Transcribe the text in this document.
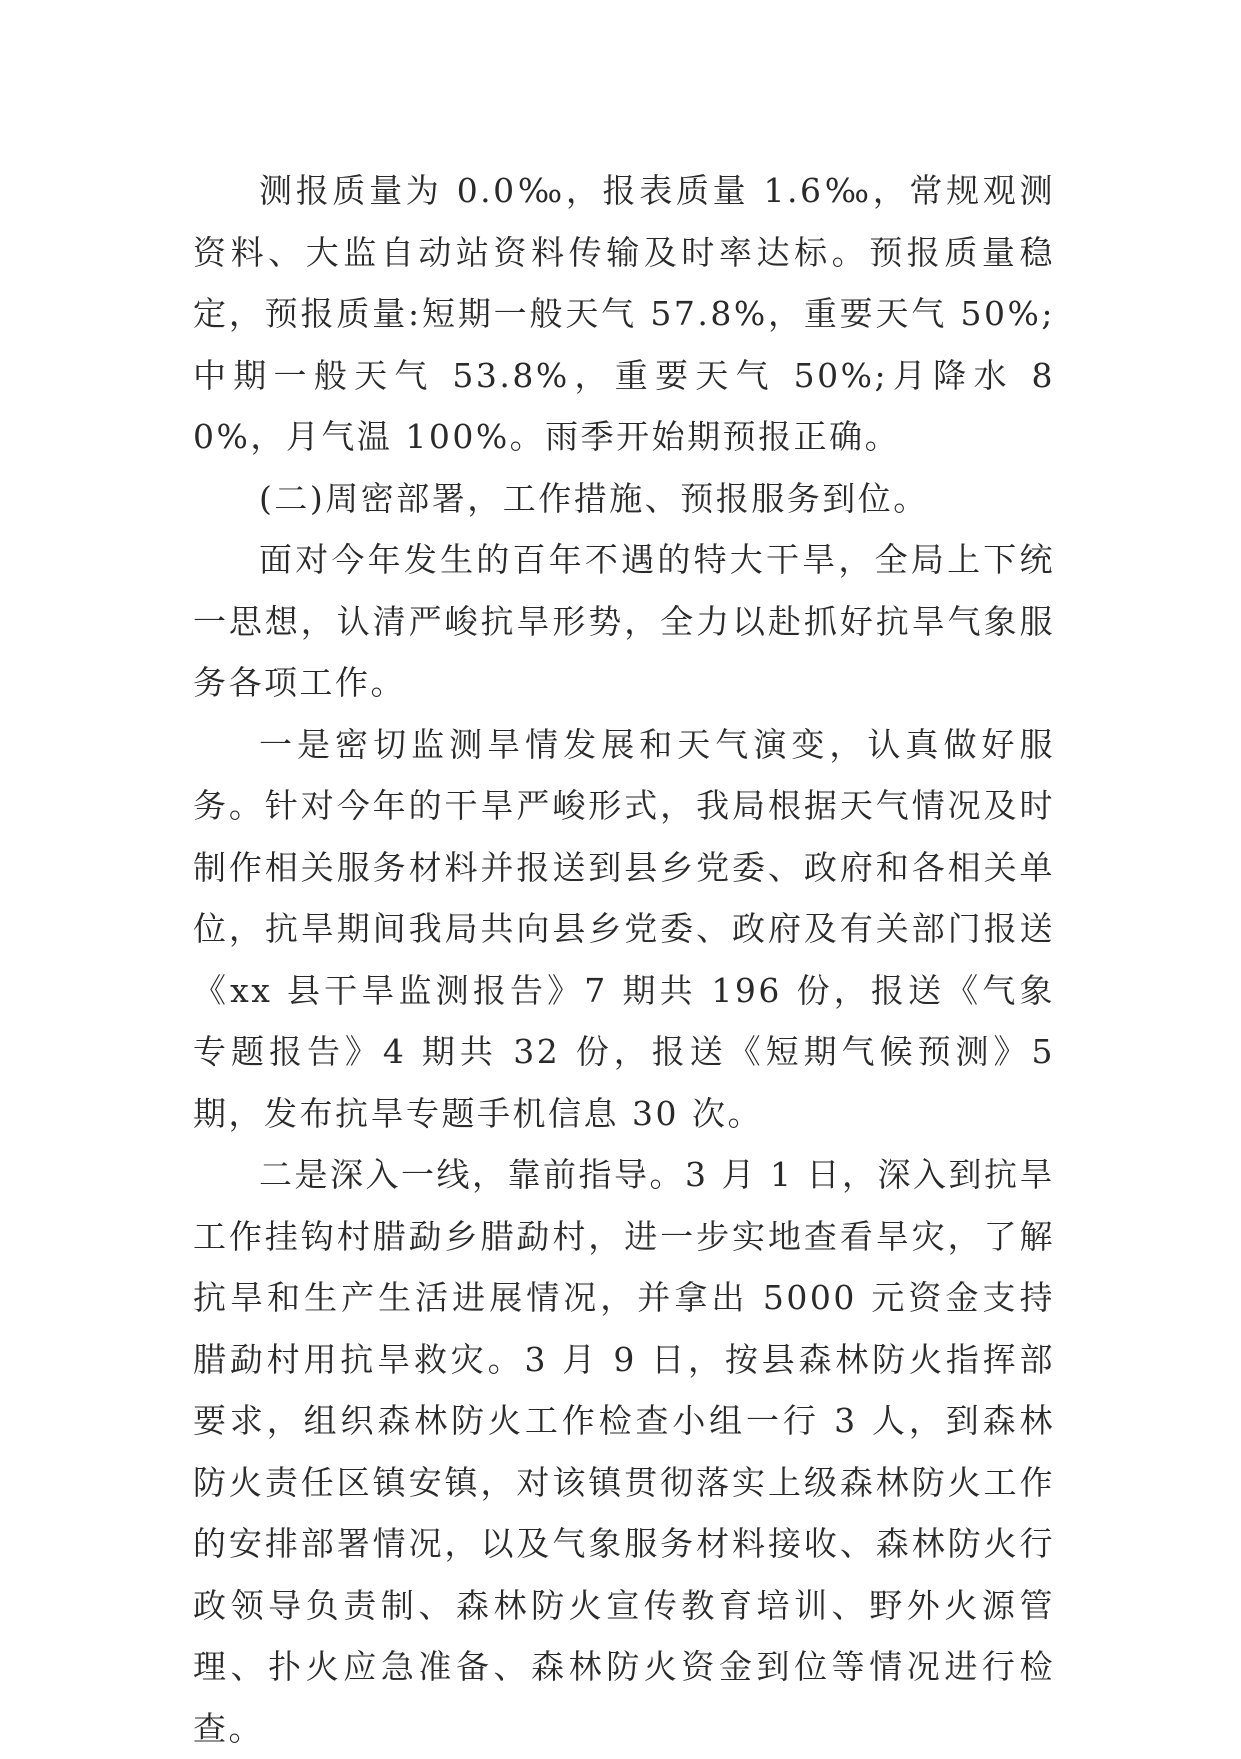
测报质量为 0.0‰，报表质量 1.6‰，常规观测资料、大监自动站资料传输及时率达标。预报质量稳定，预报质量:短期一般天气 57.8%，重要天气 50%;中期一般天气 53.8%，重要天气 50%;月降水 80%，月气温 100%。雨季开始期预报正确。

(二)周密部署，工作措施、预报服务到位。

面对今年发生的百年不遇的特大干旱，全局上下统一思想，认清严峻抗旱形势，全力以赴抓好抗旱气象服务各项工作。

一是密切监测旱情发展和天气演变，认真做好服务。针对今年的干旱严峻形式，我局根据天气情况及时制作相关服务材料并报送到县乡党委、政府和各相关单位，抗旱期间我局共向县乡党委、政府及有关部门报送《xx 县干旱监测报告》7 期共 196 份，报送《气象专题报告》4 期共 32 份，报送《短期气候预测》5 期，发布抗旱专题手机信息 30 次。

二是深入一线，靠前指导。3 月 1 日，深入到抗旱工作挂钩村腊勐乡腊勐村，进一步实地查看旱灾，了解抗旱和生产生活进展情况，并拿出 5000 元资金支持腊勐村用抗旱救灾。3 月 9 日，按县森林防火指挥部要求，组织森林防火工作检查小组一行 3 人，到森林防火责任区镇安镇，对该镇贯彻落实上级森林防火工作的安排部署情况，以及气象服务材料接收、森林防火行政领导负责制、森林防火宣传教育培训、野外火源管理、扑火应急准备、森林防火资金到位等情况进行检查。
